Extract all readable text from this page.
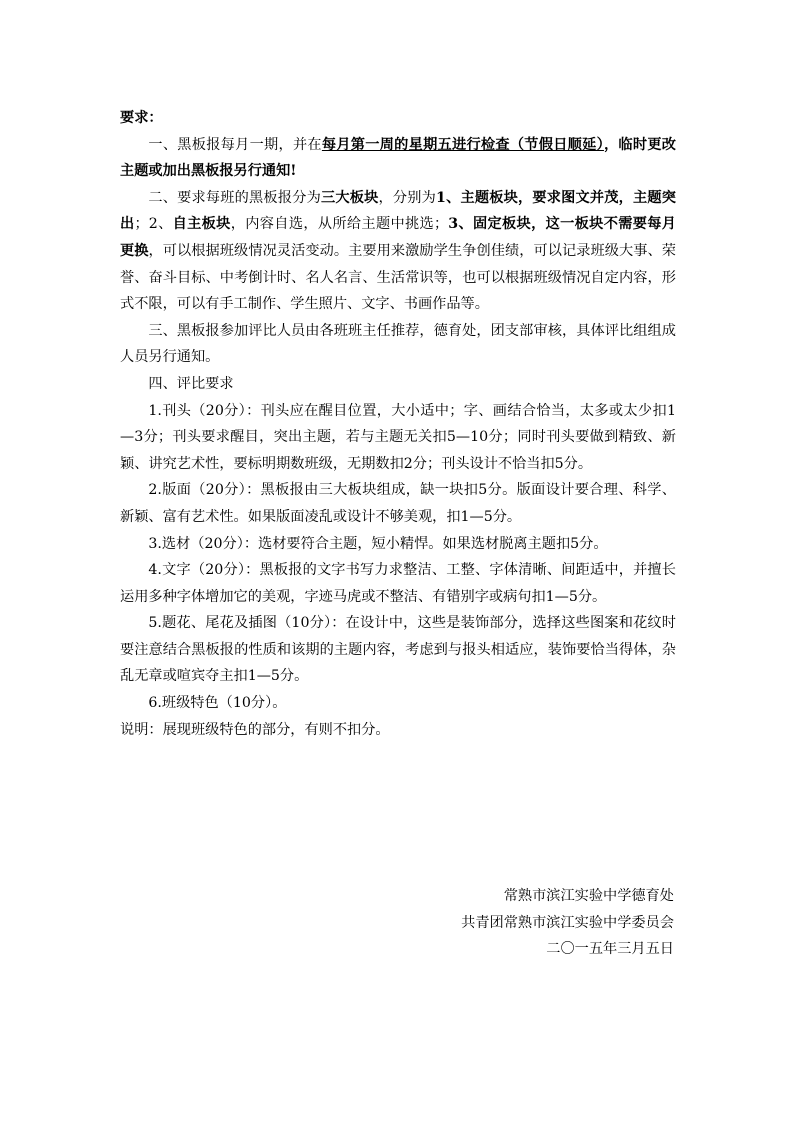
要求：

一、黑板报每月一期，并在每月第一周的星期五进行检查（节假日顺延），临时更改主题或加出黑板报另行通知!

二、要求每班的黑板报分为三大板块，分别为1、主题板块，要求图文并茂，主题突出；2、自主板块，内容自选，从所给主题中挑选；3、固定板块，这一板块不需要每月更换，可以根据班级情况灵活变动。主要用来激励学生争创佳绩，可以记录班级大事、荣誉、奋斗目标、中考倒计时、名人名言、生活常识等，也可以根据班级情况自定内容，形式不限，可以有手工制作、学生照片、文字、书画作品等。

三、黑板报参加评比人员由各班班主任推荐，德育处，团支部审核，具体评比组组成人员另行通知。

四、评比要求

1.刊头（20分）：刊头应在醒目位置，大小适中；字、画结合恰当，太多或太少扣1—3分；刊头要求醒目，突出主题，若与主题无关扣5—10分；同时刊头要做到精致、新颖、讲究艺术性，要标明期数班级，无期数扣2分；刊头设计不恰当扣5分。

2.版面（20分）：黑板报由三大板块组成，缺一块扣5分。版面设计要合理、科学、新颖、富有艺术性。如果版面凌乱或设计不够美观，扣1—5分。

3.选材（20分）：选材要符合主题，短小精悍。如果选材脱离主题扣5分。

4.文字（20分）：黑板报的文字书写力求整洁、工整、字体清晰、间距适中，并擅长运用多种字体增加它的美观，字迹马虎或不整洁、有错别字或病句扣1—5分。

5.题花、尾花及插图（10分）：在设计中，这些是装饰部分，选择这些图案和花纹时要注意结合黑板报的性质和该期的主题内容，考虑到与报头相适应，装饰要恰当得体，杂乱无章或喧宾夺主扣1—5分。

6.班级特色（10分）。

说明：展现班级特色的部分，有则不扣分。

常熟市滨江实验中学德育处
共青团常熟市滨江实验中学委员会
二〇一五年三月五日
